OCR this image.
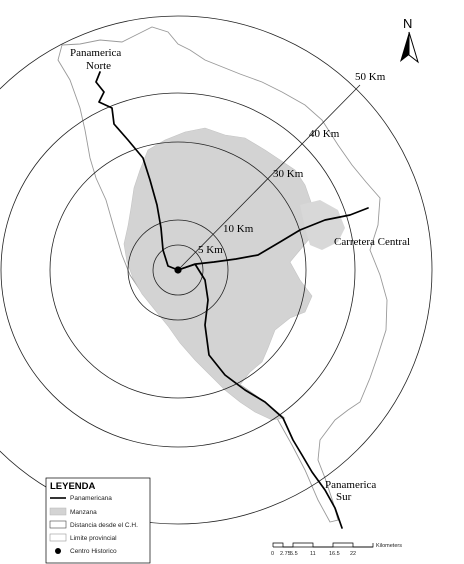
Panamerica
Norte
Carretera Central
Panamerica
Sur
5 Km
10 Km
30 Km
40 Km
50 Km
N
LEYENDA
Panamericana
Manzana
Distancia desde el C.H.
Limite provincial
Centro Historico	0 2.75 5.5 11 16.5 22
Kilometers
